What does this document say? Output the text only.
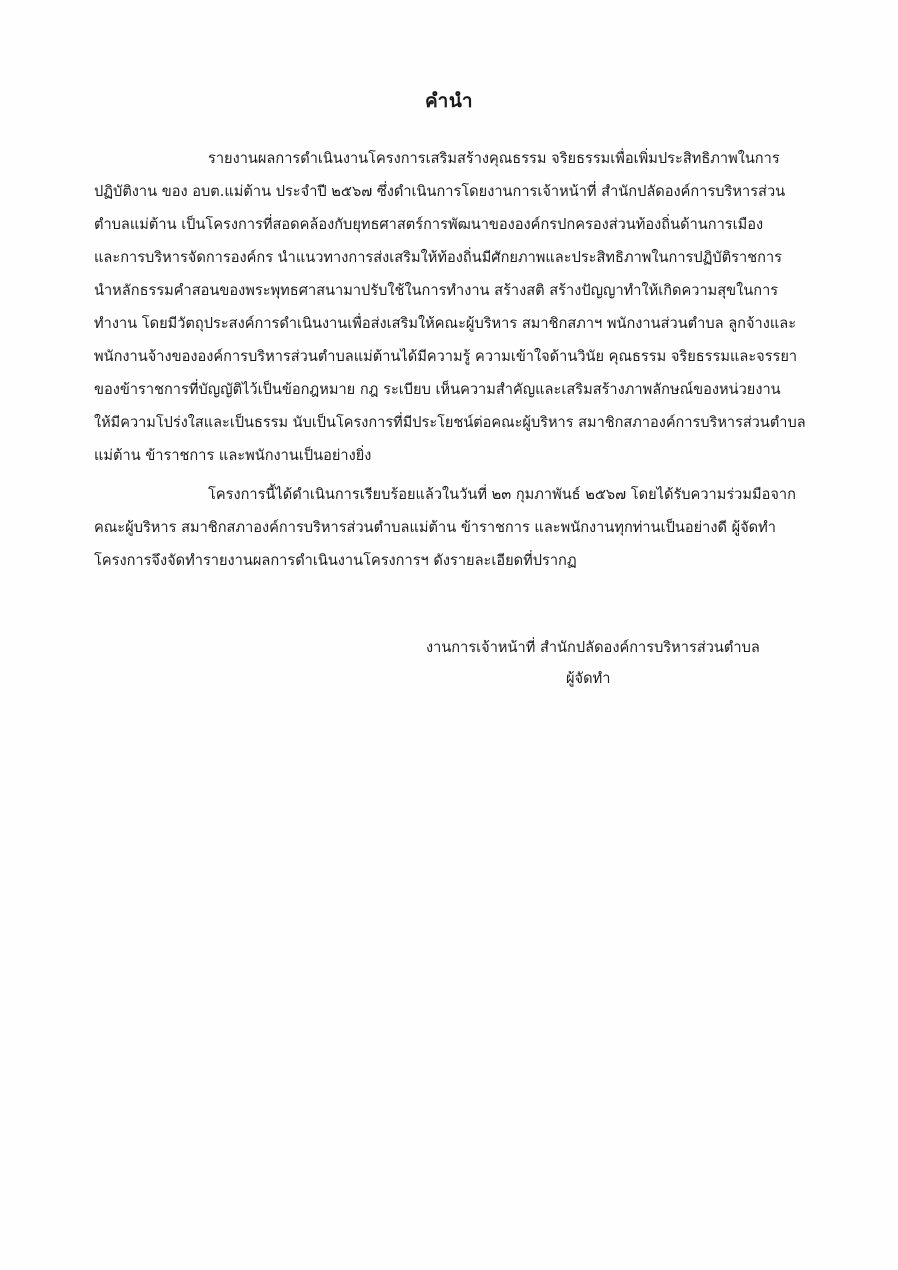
คำนำ
รายงานผลการดำเนินงานโครงการเสริมสร้างคุณธรรม จริยธรรมเพื่อเพิ่มประสิทธิภาพในการ
ปฏิบัติงาน ของ อบต.แม่ต้าน ประจำปี ๒๕๖๗ ซึ่งดำเนินการโดยงานการเจ้าหน้าที่ สำนักปลัดองค์การบริหารส่วน
ตำบลแม่ต้าน เป็นโครงการที่สอดคล้องกับยุทธศาสตร์การพัฒนาขององค์กรปกครองส่วนท้องถิ่นด้านการเมือง
และการบริหารจัดการองค์กร นำแนวทางการส่งเสริมให้ท้องถิ่นมีศักยภาพและประสิทธิภาพในการปฏิบัติราชการ
นำหลักธรรมคำสอนของพระพุทธศาสนามาปรับใช้ในการทำงาน สร้างสติ สร้างปัญญาทำให้เกิดความสุขในการ
ทำงาน โดยมีวัตถุประสงค์การดำเนินงานเพื่อส่งเสริมให้คณะผู้บริหาร สมาชิกสภาฯ พนักงานส่วนตำบล ลูกจ้างและ
พนักงานจ้างขององค์การบริหารส่วนตำบลแม่ต้านได้มีความรู้ ความเข้าใจด้านวินัย คุณธรรม จริยธรรมและจรรยา
ของข้าราชการที่บัญญัติไว้เป็นข้อกฎหมาย กฎ ระเบียบ เห็นความสำคัญและเสริมสร้างภาพลักษณ์ของหน่วยงาน
ให้มีความโปร่งใสและเป็นธรรม นับเป็นโครงการที่มีประโยชน์ต่อคณะผู้บริหาร สมาชิกสภาองค์การบริหารส่วนตำบล
แม่ต้าน ข้าราชการ และพนักงานเป็นอย่างยิ่ง
โครงการนี้ได้ดำเนินการเรียบร้อยแล้วในวันที่ ๒๓ กุมภาพันธ์ ๒๕๖๗ โดยได้รับความร่วมมือจาก
คณะผู้บริหาร สมาชิกสภาองค์การบริหารส่วนตำบลแม่ต้าน ข้าราชการ และพนักงานทุกท่านเป็นอย่างดี ผู้จัดทำ
โครงการจึงจัดทำรายงานผลการดำเนินงานโครงการฯ ดังรายละเอียดที่ปรากฏ
งานการเจ้าหน้าที่ สำนักปลัดองค์การบริหารส่วนตำบล
ผู้จัดทำ
